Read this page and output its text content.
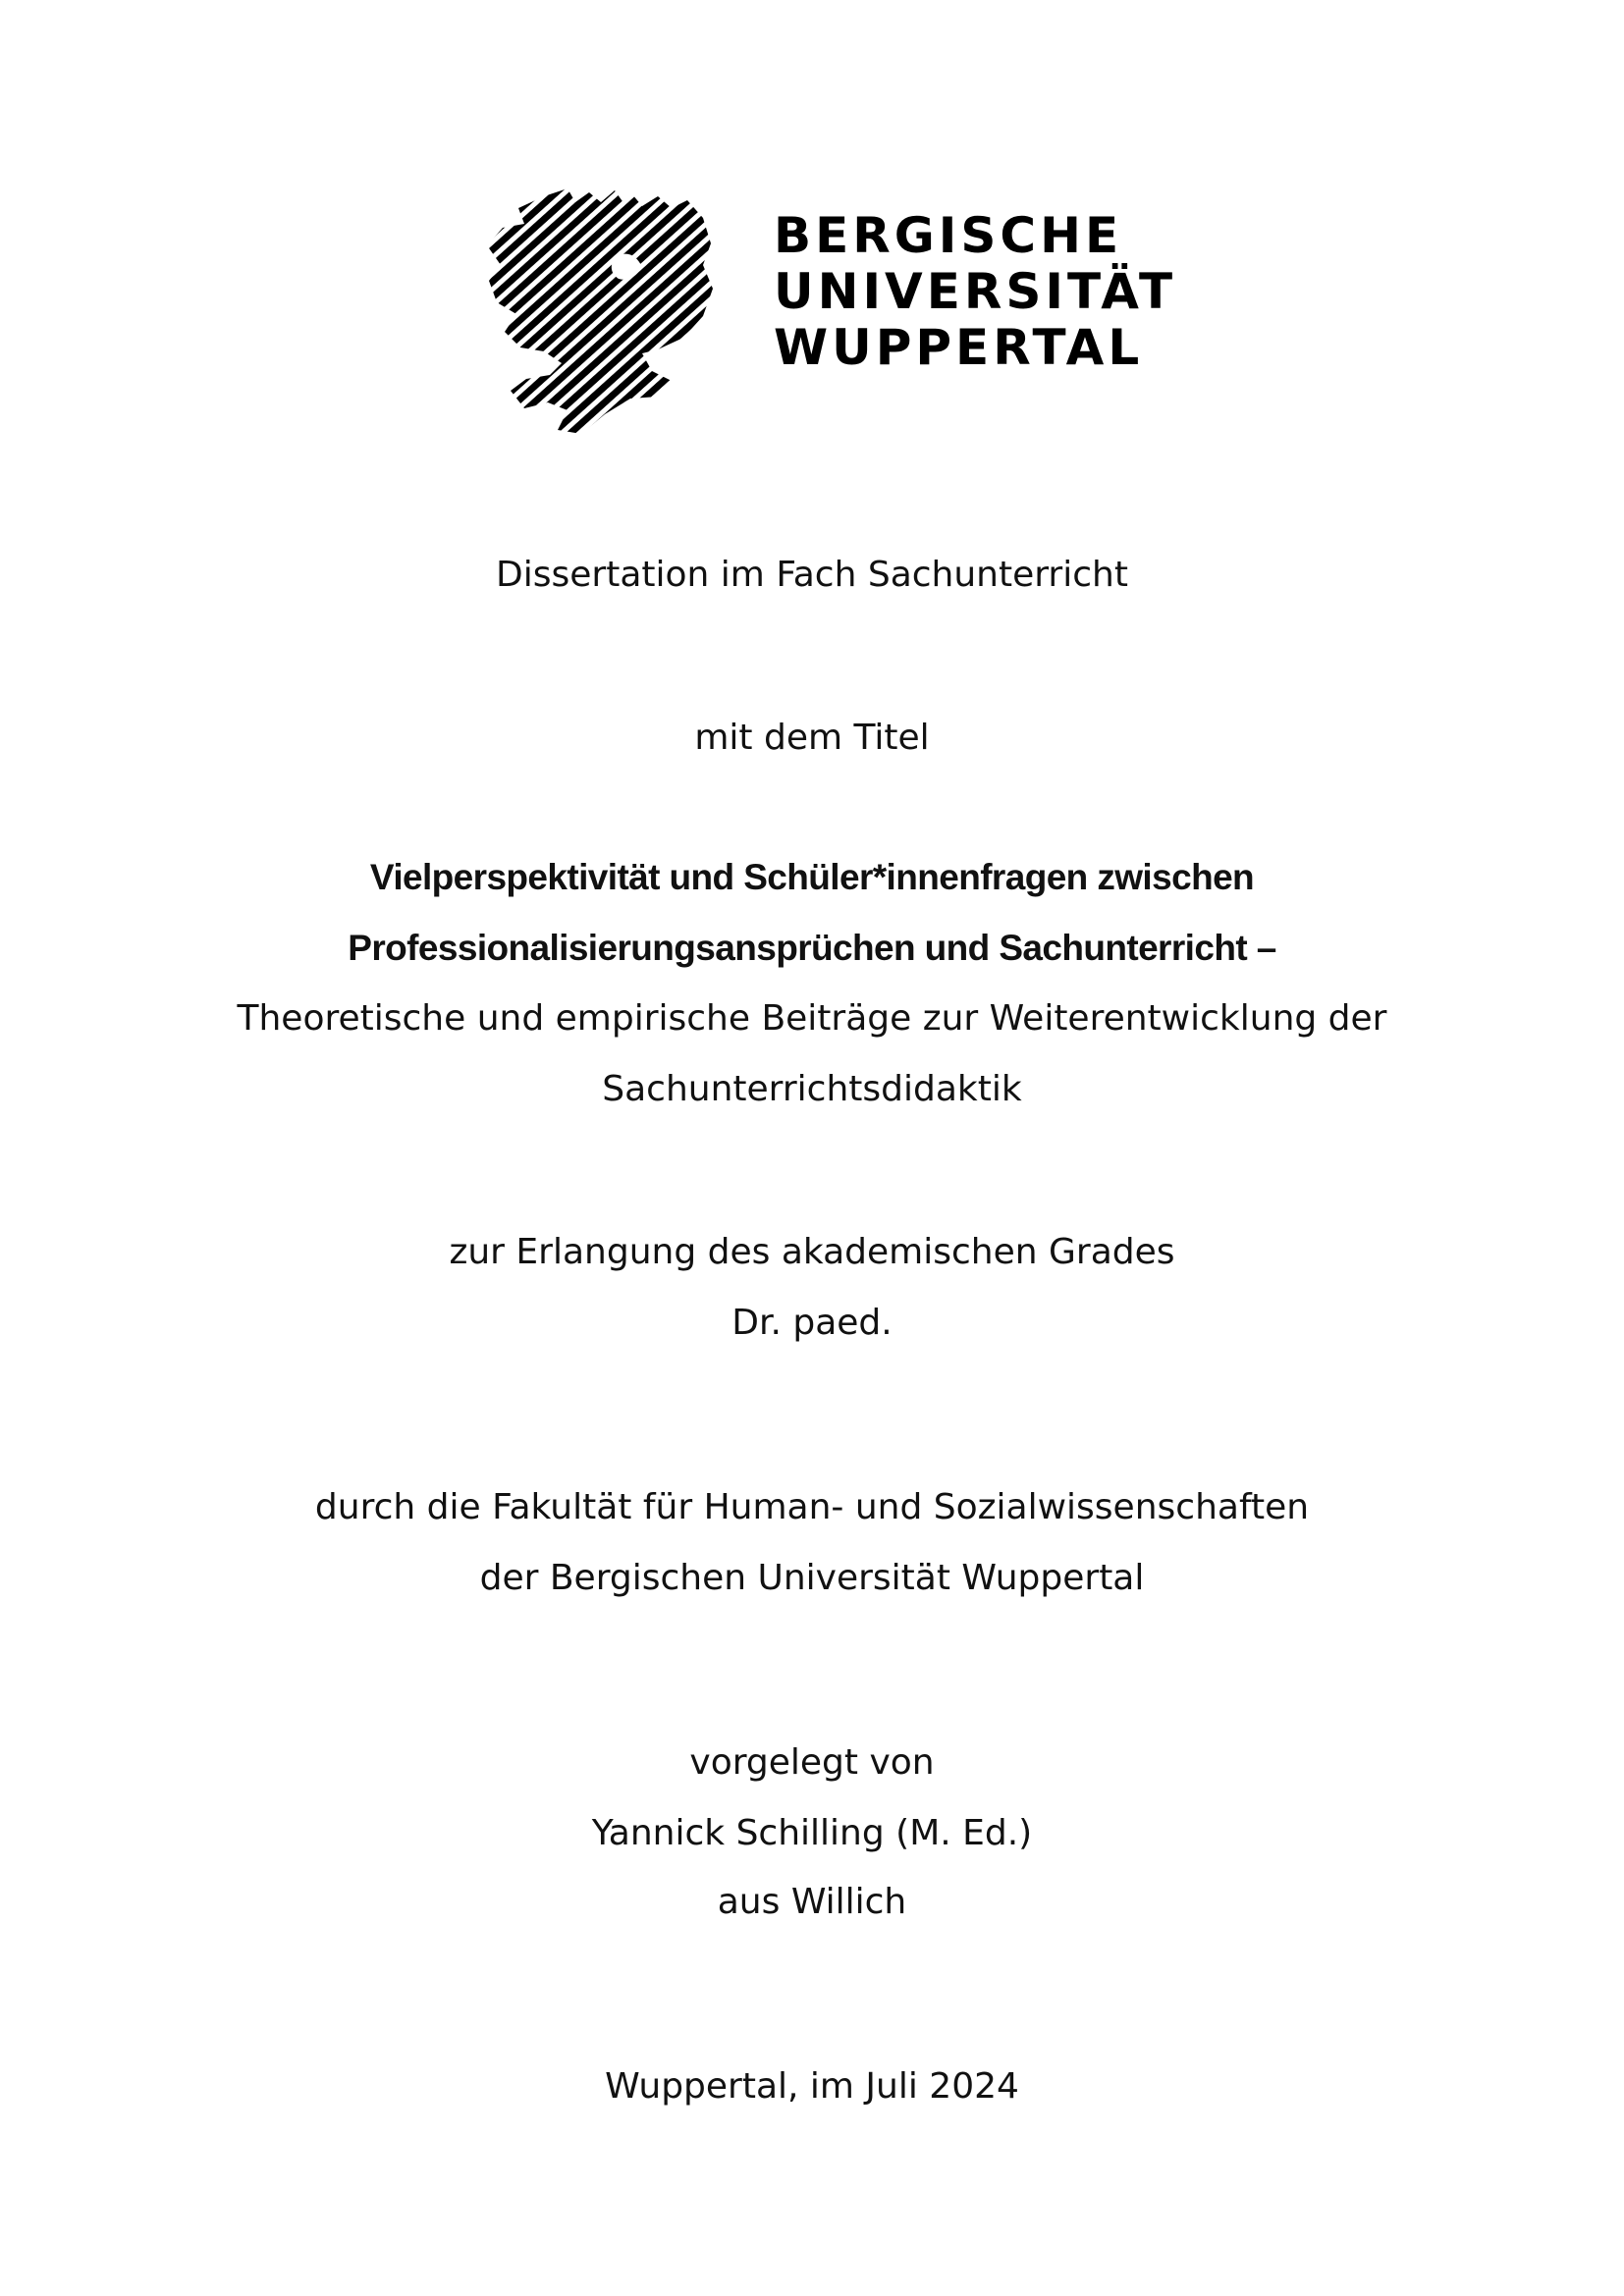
BERGISCHE
UNIVERSITÄT
WUPPERTAL
Dissertation im Fach Sachunterricht
mit dem Titel
Vielperspektivität und Schüler*innenfragen zwischen
Professionalisierungsansprüchen und Sachunterricht –
Theoretische und empirische Beiträge zur Weiterentwicklung der
Sachunterrichtsdidaktik
zur Erlangung des akademischen Grades
Dr. paed.
durch die Fakultät für Human- und Sozialwissenschaften
der Bergischen Universität Wuppertal
vorgelegt von
Yannick Schilling (M. Ed.)
aus Willich
Wuppertal, im Juli 2024
